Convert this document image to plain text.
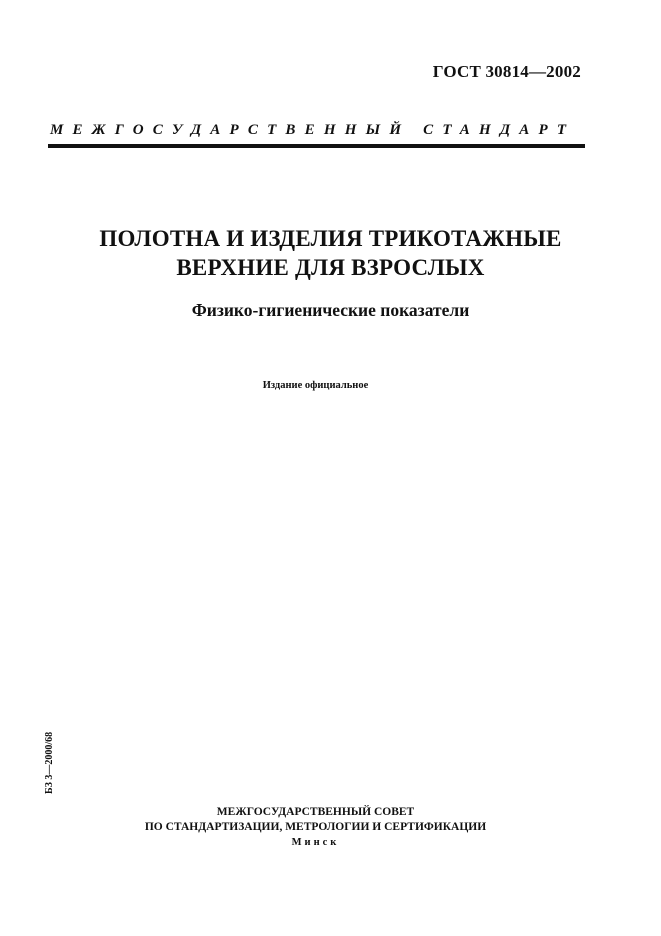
ГОСТ 30814—2002
МЕЖГОСУДАРСТВЕННЫЙ СТАНДАРТ
ПОЛОТНА И ИЗДЕЛИЯ ТРИКОТАЖНЫЕ
ВЕРХНИЕ ДЛЯ ВЗРОСЛЫХ
Физико-гигиенические показатели
Издание официальное
БЗ 3—2000/68
МЕЖГОСУДАРСТВЕННЫЙ СОВЕТ
ПО СТАНДАРТИЗАЦИИ, МЕТРОЛОГИИ И СЕРТИФИКАЦИИ
Минск
